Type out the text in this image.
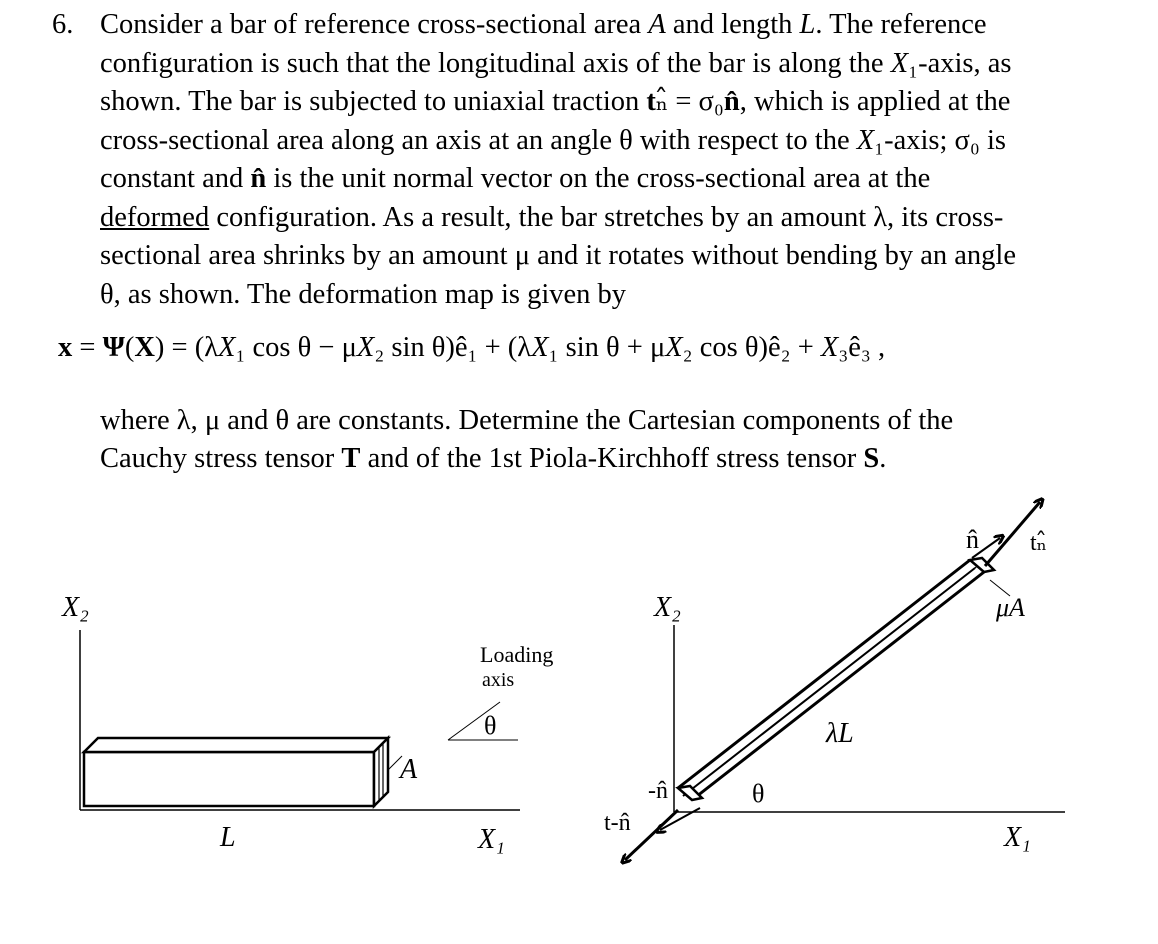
6. Consider a bar of reference cross-sectional area A and length L. The reference
configuration is such that the longitudinal axis of the bar is along the X₁-axis, as
shown. The bar is subjected to uniaxial traction tₙ̂ = σ₀n̂, which is applied at the
cross-sectional area along an axis at an angle θ with respect to the X₁-axis; σ₀ is
constant and n̂ is the unit normal vector on the cross-sectional area at the
deformed configuration. As a result, the bar stretches by an amount λ, its cross-
sectional area shrinks by an amount μ and it rotates without bending by an angle
θ, as shown. The deformation map is given by
x = Ψ(X) = (λX₁ cos θ − μX₂ sin θ)ê₁ + (λX₁ sin θ + μX₂ cos θ)ê₂ + X₃ê₃ ,
where λ, μ and θ are constants. Determine the Cartesian components of the
Cauchy stress tensor T and of the 1st Piola-Kirchhoff stress tensor S.
X₂
A
L
Loading
axis
θ
X₁
X₂
X₁
n̂ tₙ̂
μA
λL
θ
-n̂
t-n̂
